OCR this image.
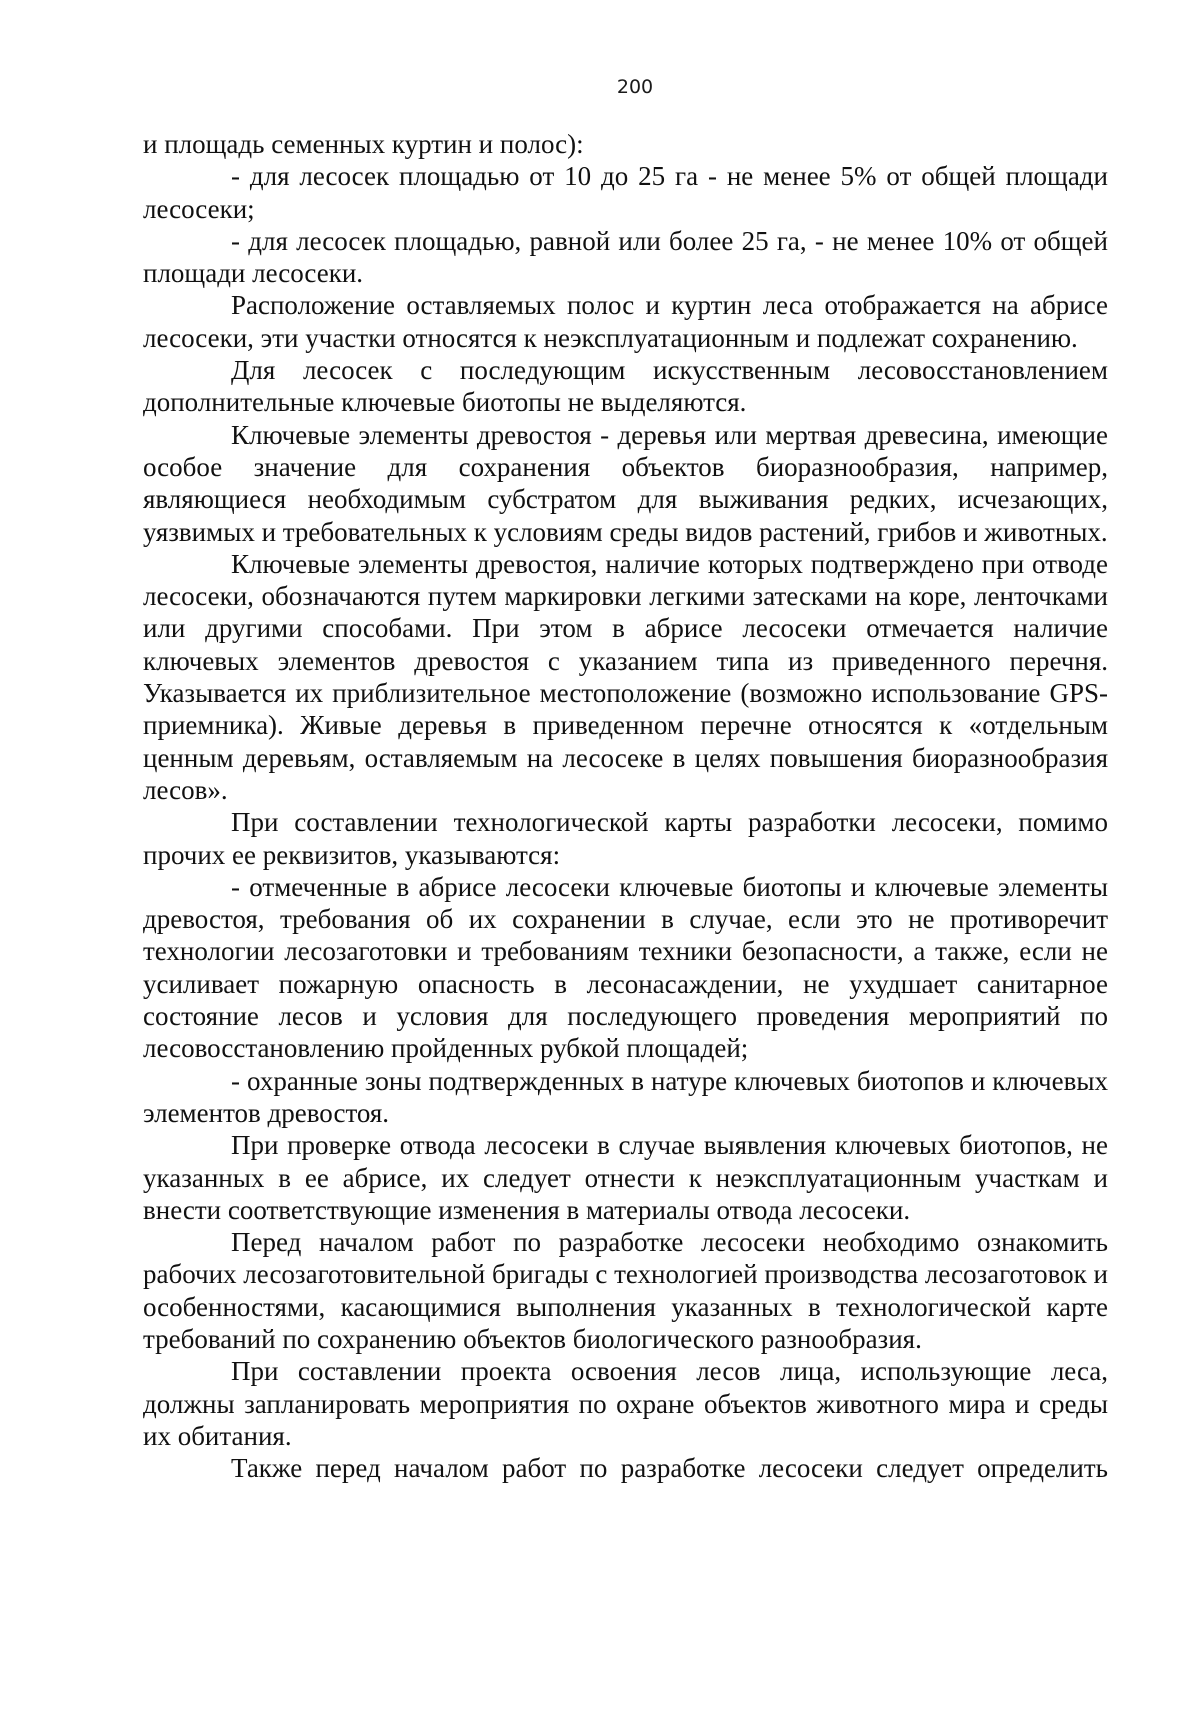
200

и площадь семенных куртин и полос):

- для лесосек площадью от 10 до 25 га - не менее 5% от общей площади лесосеки;

- для лесосек площадью, равной или более 25 га, - не менее 10% от общей площади лесосеки.

Расположение оставляемых полос и куртин леса отображается на абрисе лесосеки, эти участки относятся к неэксплуатационным и подлежат сохранению.

Для лесосек с последующим искусственным лесовосстановлением дополнительные ключевые биотопы не выделяются.

Ключевые элементы древостоя - деревья или мертвая древесина, имеющие особое значение для сохранения объектов биоразнообразия, например, являющиеся необходимым субстратом для выживания редких, исчезающих, уязвимых и требовательных к условиям среды видов растений, грибов и животных.

Ключевые элементы древостоя, наличие которых подтверждено при отводе лесосеки, обозначаются путем маркировки легкими затесками на коре, ленточками или другими способами. При этом в абрисе лесосеки отмечается наличие ключевых элементов древостоя с указанием типа из приведенного перечня. Указывается их приблизительное местоположение (возможно использование GPS-приемника). Живые деревья в приведенном перечне относятся к «отдельным ценным деревьям, оставляемым на лесосеке в целях повышения биоразнообразия лесов».

При составлении технологической карты разработки лесосеки, помимо прочих ее реквизитов, указываются:

- отмеченные в абрисе лесосеки ключевые биотопы и ключевые элементы древостоя, требования об их сохранении в случае, если это не противоречит технологии лесозаготовки и требованиям техники безопасности, а также, если не усиливает пожарную опасность в лесонасаждении, не ухудшает санитарное состояние лесов и условия для последующего проведения мероприятий по лесовосстановлению пройденных рубкой площадей;

- охранные зоны подтвержденных в натуре ключевых биотопов и ключевых элементов древостоя.

При проверке отвода лесосеки в случае выявления ключевых биотопов, не указанных в ее абрисе, их следует отнести к неэксплуатационным участкам и внести соответствующие изменения в материалы отвода лесосеки.

Перед началом работ по разработке лесосеки необходимо ознакомить рабочих лесозаготовительной бригады с технологией производства лесозаготовок и особенностями, касающимися выполнения указанных в технологической карте требований по сохранению объектов биологического разнообразия.

При составлении проекта освоения лесов лица, использующие леса, должны запланировать мероприятия по охране объектов животного мира и среды их обитания.

Также перед началом работ по разработке лесосеки следует определить
